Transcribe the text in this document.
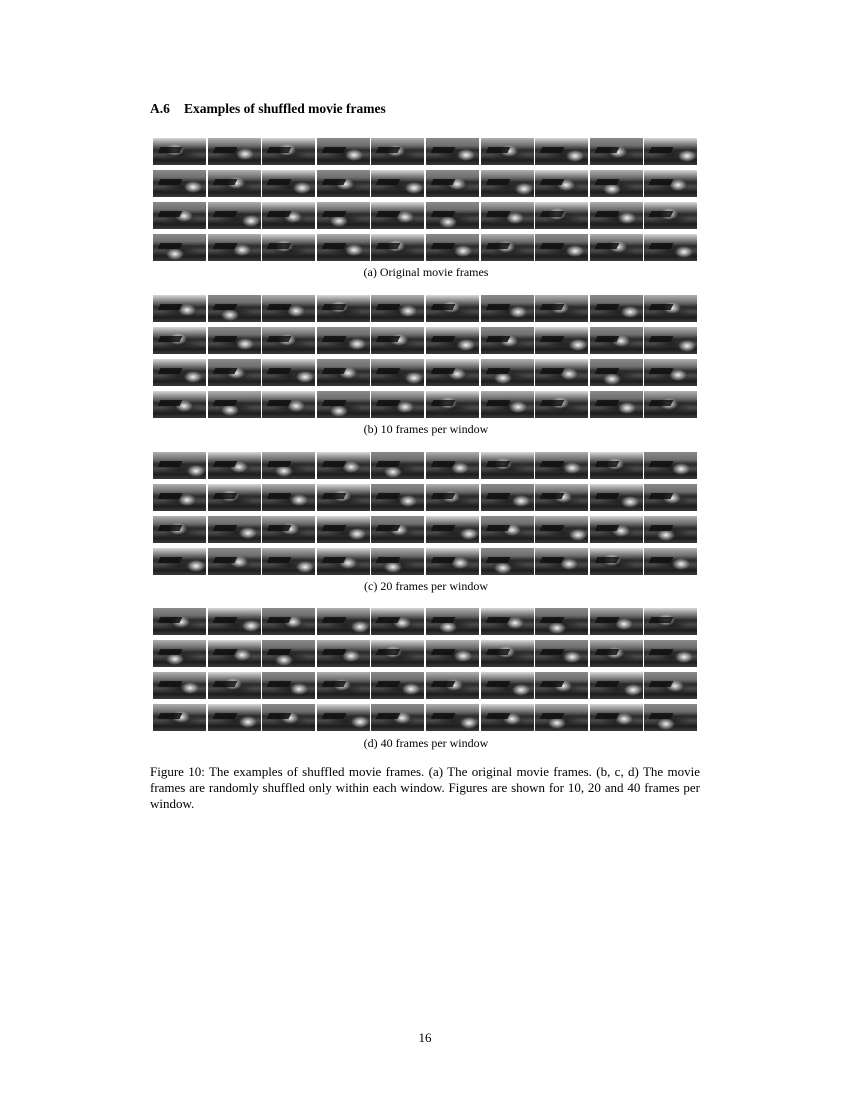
A.6 Examples of shuffled movie frames
(a) Original movie frames
(b) 10 frames per window
(c) 20 frames per window
(d) 40 frames per window
Figure 10: The examples of shuffled movie frames. (a) The original movie frames. (b, c, d) The movie frames are randomly shuffled only within each window. Figures are shown for 10, 20 and 40 frames per window.
16
